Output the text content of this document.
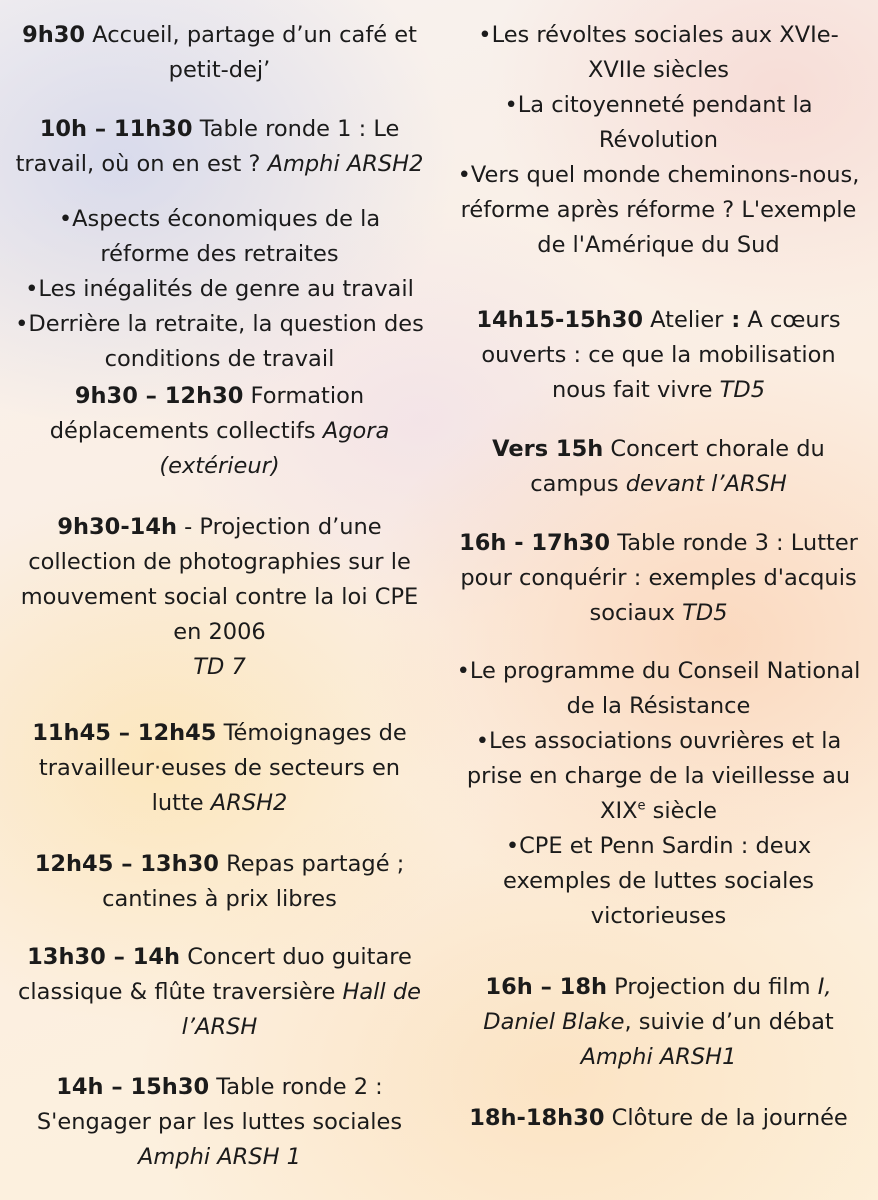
9h30 Accueil, partage d’un café et petit-dej’
10h – 11h30 Table ronde 1 : Le travail, où on en est ? Amphi ARSH2
•Aspects économiques de la réforme des retraites
•Les inégalités de genre au travail
•Derrière la retraite, la question des conditions de travail
9h30 – 12h30 Formation déplacements collectifs Agora (extérieur)
9h30-14h - Projection d’une collection de photographies sur le mouvement social contre la loi CPE en 2006
TD 7
11h45 – 12h45 Témoignages de travailleur·euses de secteurs en lutte ARSH2
12h45 – 13h30 Repas partagé ; cantines à prix libres
13h30 – 14h Concert duo guitare classique & flûte traversière Hall de l’ARSH
14h – 15h30 Table ronde 2 : S'engager par les luttes sociales
Amphi ARSH 1
•Les révoltes sociales aux XVIe-XVIIe siècles
•La citoyenneté pendant la Révolution
•Vers quel monde cheminons-nous, réforme après réforme ? L'exemple de l'Amérique du Sud
14h15-15h30 Atelier : A cœurs ouverts : ce que la mobilisation nous fait vivre TD5
Vers 15h Concert chorale du campus devant l’ARSH
16h - 17h30 Table ronde 3 : Lutter pour conquérir : exemples d'acquis sociaux TD5
•Le programme du Conseil National de la Résistance
•Les associations ouvrières et la prise en charge de la vieillesse au XIXe siècle
•CPE et Penn Sardin : deux exemples de luttes sociales victorieuses
16h – 18h Projection du film I, Daniel Blake, suivie d’un débat Amphi ARSH1
18h-18h30 Clôture de la journée
